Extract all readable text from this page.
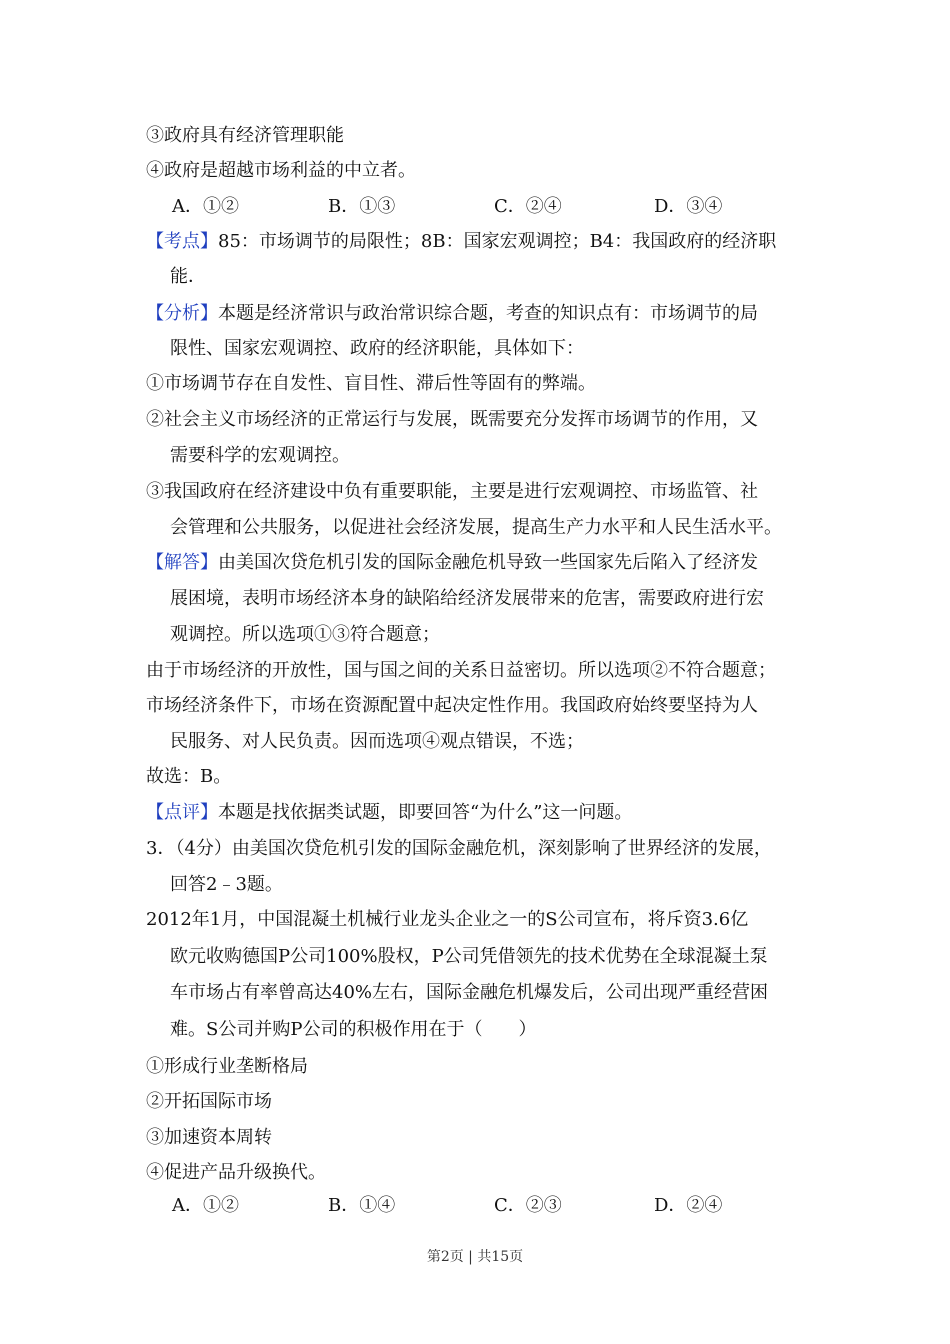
③政府具有经济管理职能
④政府是超越市场利益的中立者。
A．①②	B．①③	C．②④	D．③④
【考点】85：市场调节的局限性；8B：国家宏观调控；B4：我国政府的经济职
能．
【分析】本题是经济常识与政治常识综合题，考查的知识点有：市场调节的局
限性、国家宏观调控、政府的经济职能，具体如下：
①市场调节存在自发性、盲目性、滞后性等固有的弊端。
②社会主义市场经济的正常运行与发展，既需要充分发挥市场调节的作用，又
需要科学的宏观调控。
③我国政府在经济建设中负有重要职能，主要是进行宏观调控、市场监管、社
会管理和公共服务，以促进社会经济发展，提高生产力水平和人民生活水平。
【解答】由美国次贷危机引发的国际金融危机导致一些国家先后陷入了经济发
展困境，表明市场经济本身的缺陷给经济发展带来的危害，需要政府进行宏
观调控。所以选项①③符合题意；
由于市场经济的开放性，国与国之间的关系日益密切。所以选项②不符合题意；
市场经济条件下，市场在资源配置中起决定性作用。我国政府始终要坚持为人
民服务、对人民负责。因而选项④观点错误，不选；
故选：B。
【点评】本题是找依据类试题，即要回答“为什么”这一问题。
3．（4分）由美国次贷危机引发的国际金融危机，深刻影响了世界经济的发展，
回答2﹣3题。
2012年1月，中国混凝土机械行业龙头企业之一的S公司宣布，将斥资3.6亿
欧元收购德国P公司100%股权，P公司凭借领先的技术优势在全球混凝土泵
车市场占有率曾高达40%左右，国际金融危机爆发后，公司出现严重经营困
难。S公司并购P公司的积极作用在于（　　）
①形成行业垄断格局
②开拓国际市场
③加速资本周转
④促进产品升级换代。
A．①②	B．①④	C．②③	D．②④
第2页 | 共15页
